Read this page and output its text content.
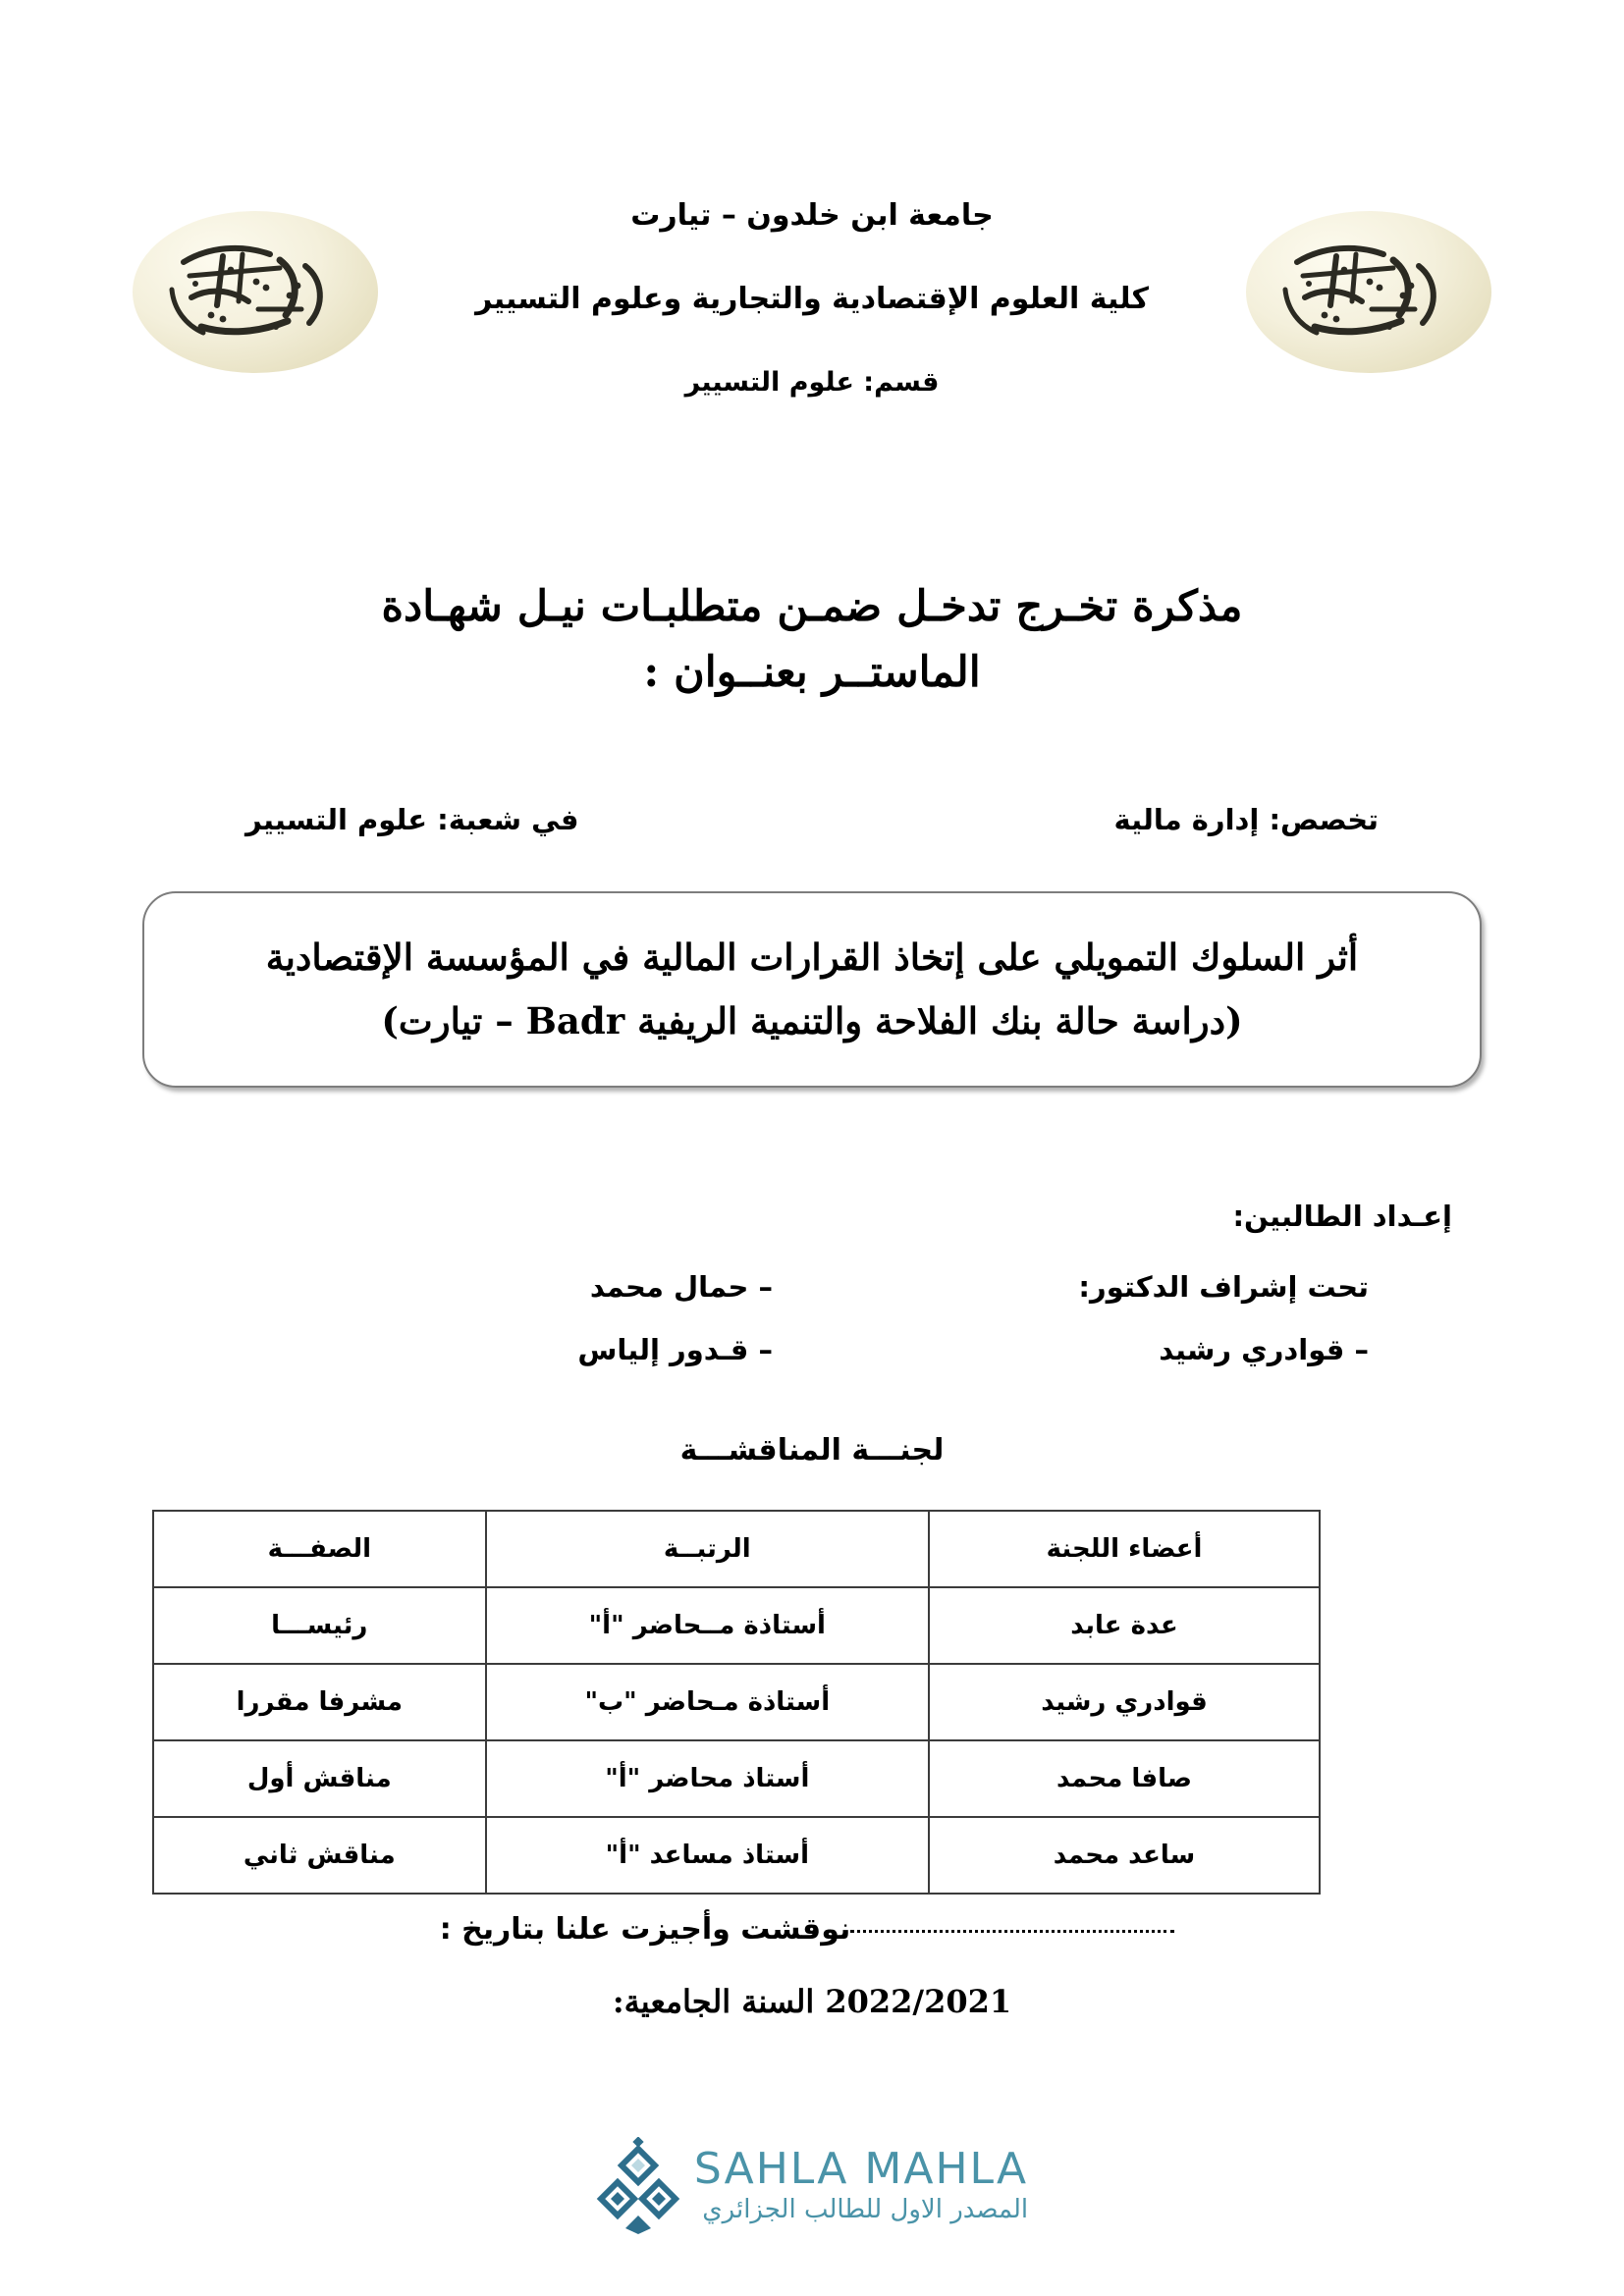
جامعة ابن خلدون – تيارت
كلية العلوم الإقتصادية والتجارية وعلوم التسيير
قسم: علوم التسيير
مذكرة تخـرج تدخـل ضمـن متطلبـات نيـل شهـادة
الماستــر بعنــوان :
تخصص: إدارة مالية
في شعبة: علوم التسيير
أثر السلوك التمويلي على إتخاذ القرارات المالية في المؤسسة الإقتصادية
(دراسة حالة بنك الفلاحة والتنمية الريفية Badr – تيارت)
إعـداد الطالبين:
تحت إشراف الدكتور:
– حمال محمد
– قوادري رشيد
– قـدور إلياس
لجنـــة المناقشـــة
أعضاء اللجنة	الرتبــة	الصفـــة
عدة عابد	أستاذة مــحاضر "أ"	رئيســـا
قوادري رشيد	أستاذة مـحاضر "ب"	مشرفا مقررا
صافا محمد	أستاذ محاضر "أ"	مناقش أول
ساعد محمد	أستاذ مساعد "أ"	مناقش ثاني
نوقشت وأجيزت علنا بتاريخ :
2022/2021 السنة الجامعية:
SAHLA MAHLA
المصدر الاول للطالب الجزائري
